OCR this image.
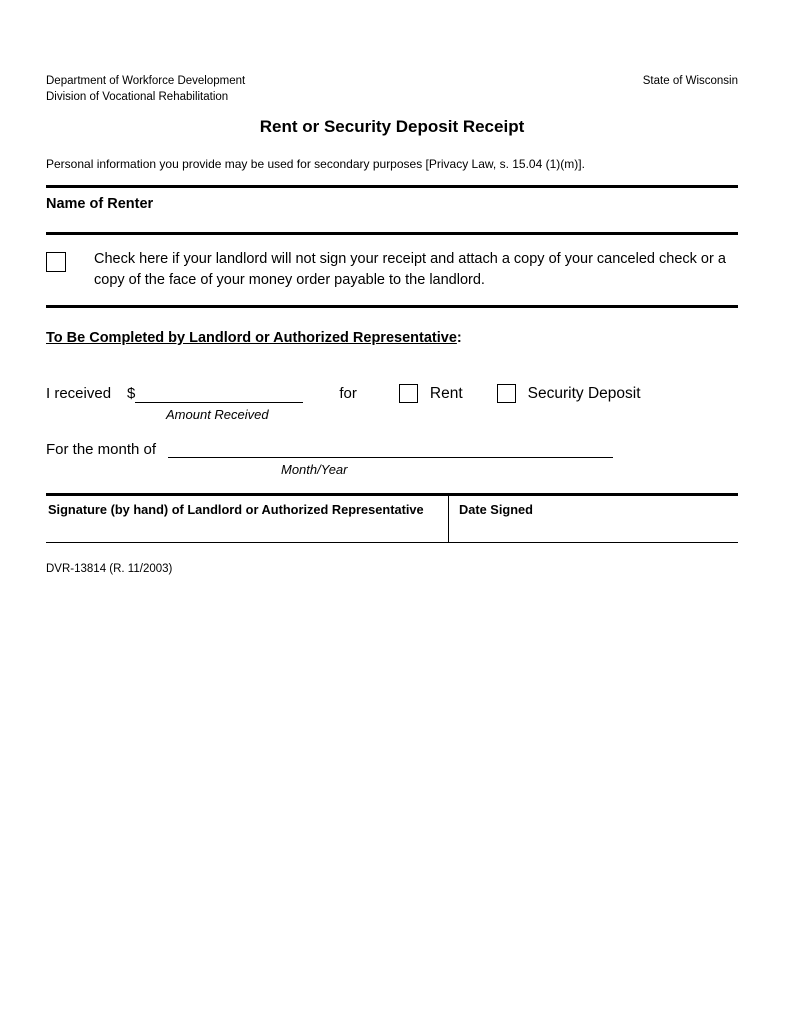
Department of Workforce Development
Division of Vocational Rehabilitation
State of Wisconsin
Rent or Security Deposit Receipt
Personal information you provide may be used for secondary purposes [Privacy Law, s. 15.04 (1)(m)].
Name of Renter
Check here if your landlord will not sign your receipt and attach a copy of your canceled check or a copy of the face of your money order payable to the landlord.
To Be Completed by Landlord or Authorized Representative:
I received $	for	Rent	Security Deposit
Amount Received
For the month of
Month/Year
Signature (by hand) of Landlord or Authorized Representative	Date Signed
DVR-13814 (R. 11/2003)
